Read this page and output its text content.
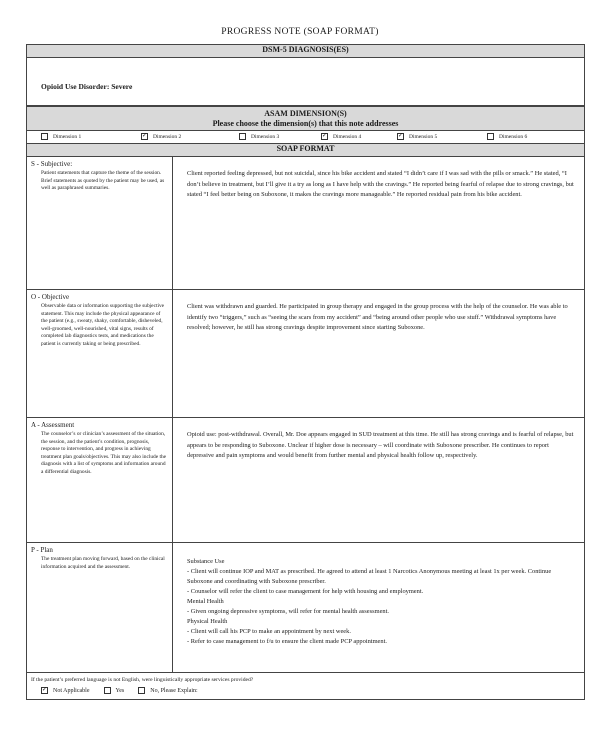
PROGRESS NOTE (SOAP FORMAT)
DSM-5 DIAGNOSIS(ES)
Opioid Use Disorder: Severe
ASAM DIMENSION(S)
Please choose the dimension(s) that this note addresses
Dimension 1	✓ Dimension 2	Dimension 3	✓ Dimension 4	✓ Dimension 5	Dimension 6
SOAP FORMAT
S - Subjective:
Patient statements that capture the theme of the session. Brief statements as quoted by the patient may be used, as well as paraphrased summaries.
Client reported feeling depressed, but not suicidal, since his bike accident and stated “I didn’t care if I was sad with the pills or smack.” He stated, “I don’t believe in treatment, but I’ll give it a try as long as I have help with the cravings.” He reported being fearful of relapse due to strong cravings, but stated “I feel better being on Suboxone, it makes the cravings more manageable.” He reported residual pain from his bike accident.
O - Objective
Observable data or information supporting the subjective statement. This may include the physical appearance of the patient (e.g., sweaty, shaky, comfortable, disheveled, well-groomed, well-nourished, vital signs, results of completed lab diagnostics tests, and medications the patient is currently taking or being prescribed.
Client was withdrawn and guarded. He participated in group therapy and engaged in the group process with the help of the counselor. He was able to identify two “triggers,” such as “seeing the scars from my accident” and “being around other people who use stuff.” Withdrawal symptoms have resolved; however, he still has strong cravings despite improvement since starting Suboxone.
A - Assessment
The counselor’s or clinician’s assessment of the situation, the session, and the patient’s condition, prognosis, response to intervention, and progress in achieving treatment plan goals/objectives. This may also include the diagnosis with a list of symptoms and information around a differential diagnosis.
Opioid use: post-withdrawal. Overall, Mr. Doe appears engaged in SUD treatment at this time. He still has strong cravings and is fearful of relapse, but appears to be responding to Suboxone. Unclear if higher dose is necessary – will coordinate with Suboxone prescriber. He continues to report depressive and pain symptoms and would benefit from further mental and physical health follow up, respectively.
P - Plan
The treatment plan moving forward, based on the clinical information acquired and the assessment.
Substance Use
- Client will continue IOP and MAT as prescribed. He agreed to attend at least 1 Narcotics Anonymous meeting at least 1x per week. Continue Suboxone and coordinating with Suboxone prescriber.
- Counselor will refer the client to case management for help with housing and employment.
Mental Health
- Given ongoing depressive symptoms, will refer for mental health assessment.
Physical Health
- Client will call his PCP to make an appointment by next week.
- Refer to case management to f/u to ensure the client made PCP appointment.
If the patient’s preferred language is not English, were linguistically appropriate services provided?
✓ Not Applicable	Yes	No, Please Explain:
